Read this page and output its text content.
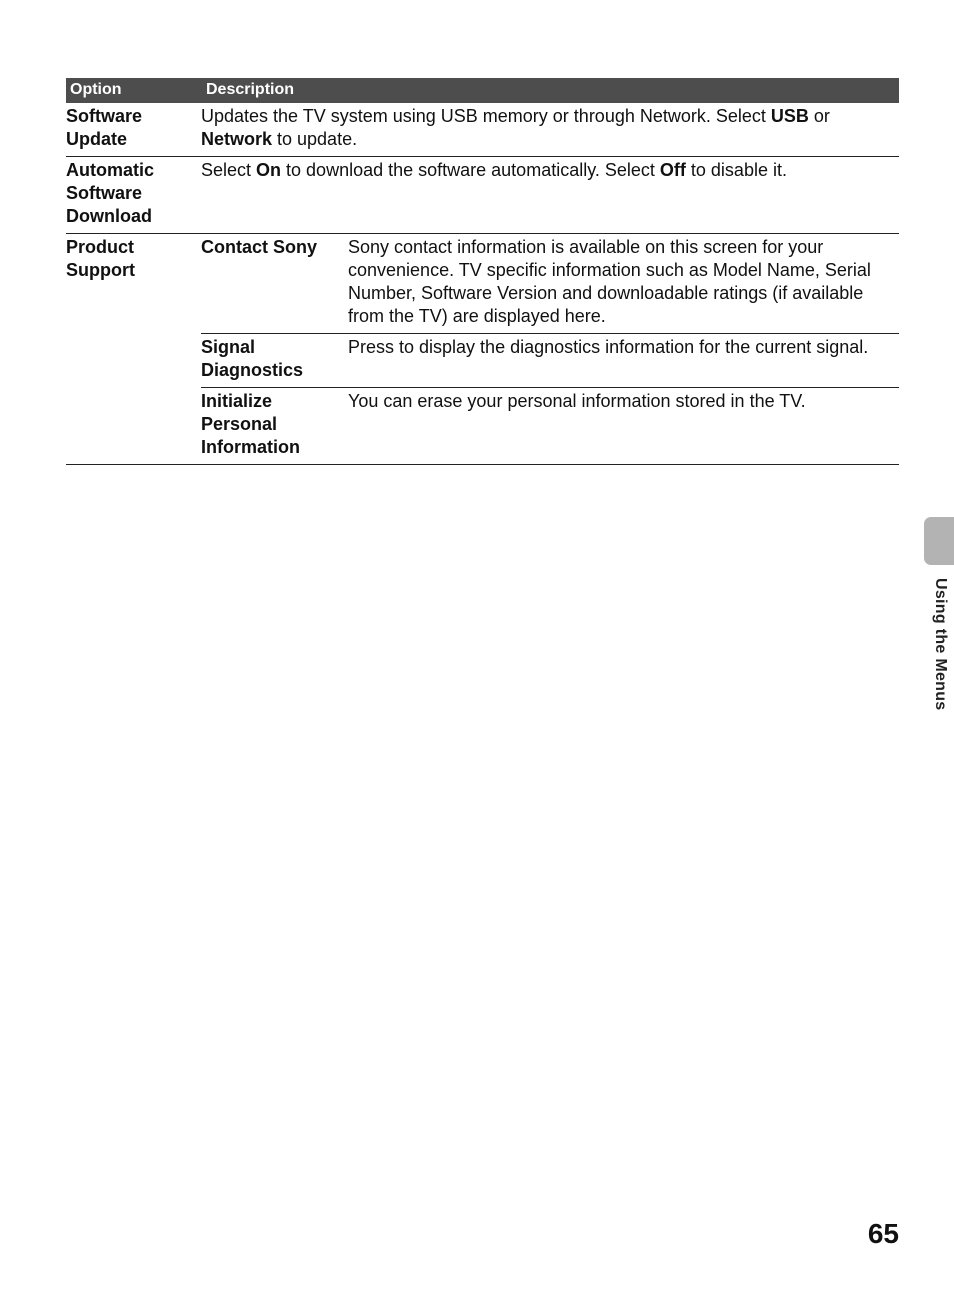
Option	Description	

Software Update	Updates the TV system using USB memory or through Network. Select USB or Network to update.	

Automatic Software Download	Select On to download the software automatically. Select Off to disable it.	

Product Support	Contact Sony	Sony contact information is available on this screen for your convenience. TV specific information such as Model Name, Serial Number, Software Version and downloadable ratings (if available from the TV) are displayed here.

	Signal Diagnostics	Press to display the diagnostics information for the current signal.

	Initialize Personal Information	You can erase your personal information stored in the TV.
Using the Menus
65
